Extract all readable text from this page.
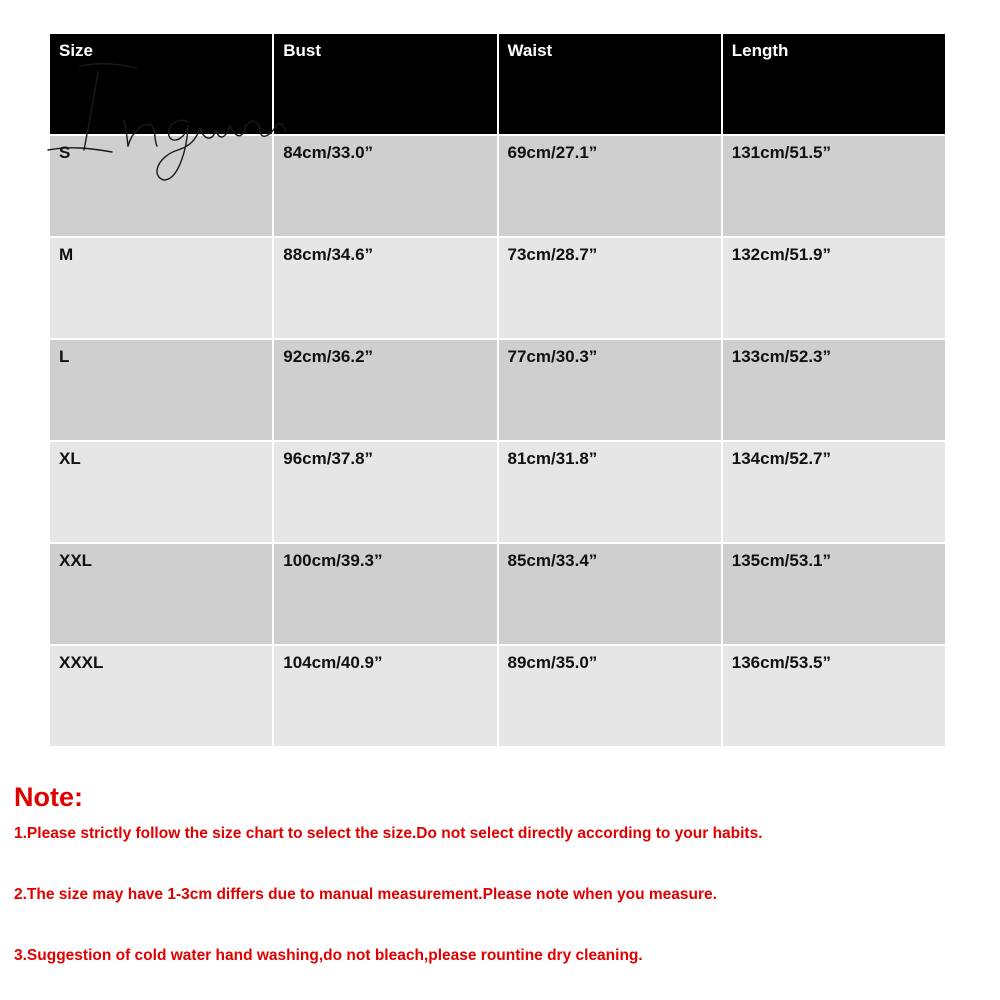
Size	Bust	Waist	Length
S	84cm/33.0”	69cm/27.1”	131cm/51.5”
M	88cm/34.6”	73cm/28.7”	132cm/51.9”
L	92cm/36.2”	77cm/30.3”	133cm/52.3”
XL	96cm/37.8”	81cm/31.8”	134cm/52.7”
XXL	100cm/39.3”	85cm/33.4”	135cm/53.1”
XXXL	104cm/40.9”	89cm/35.0”	136cm/53.5”

Note:

1.Please strictly follow the size chart to select the size.Do not select directly according to your habits.

2.The size may have 1-3cm differs due to manual measurement.Please note when you measure.

3.Suggestion of cold water hand washing,do not bleach,please rountine dry cleaning.
